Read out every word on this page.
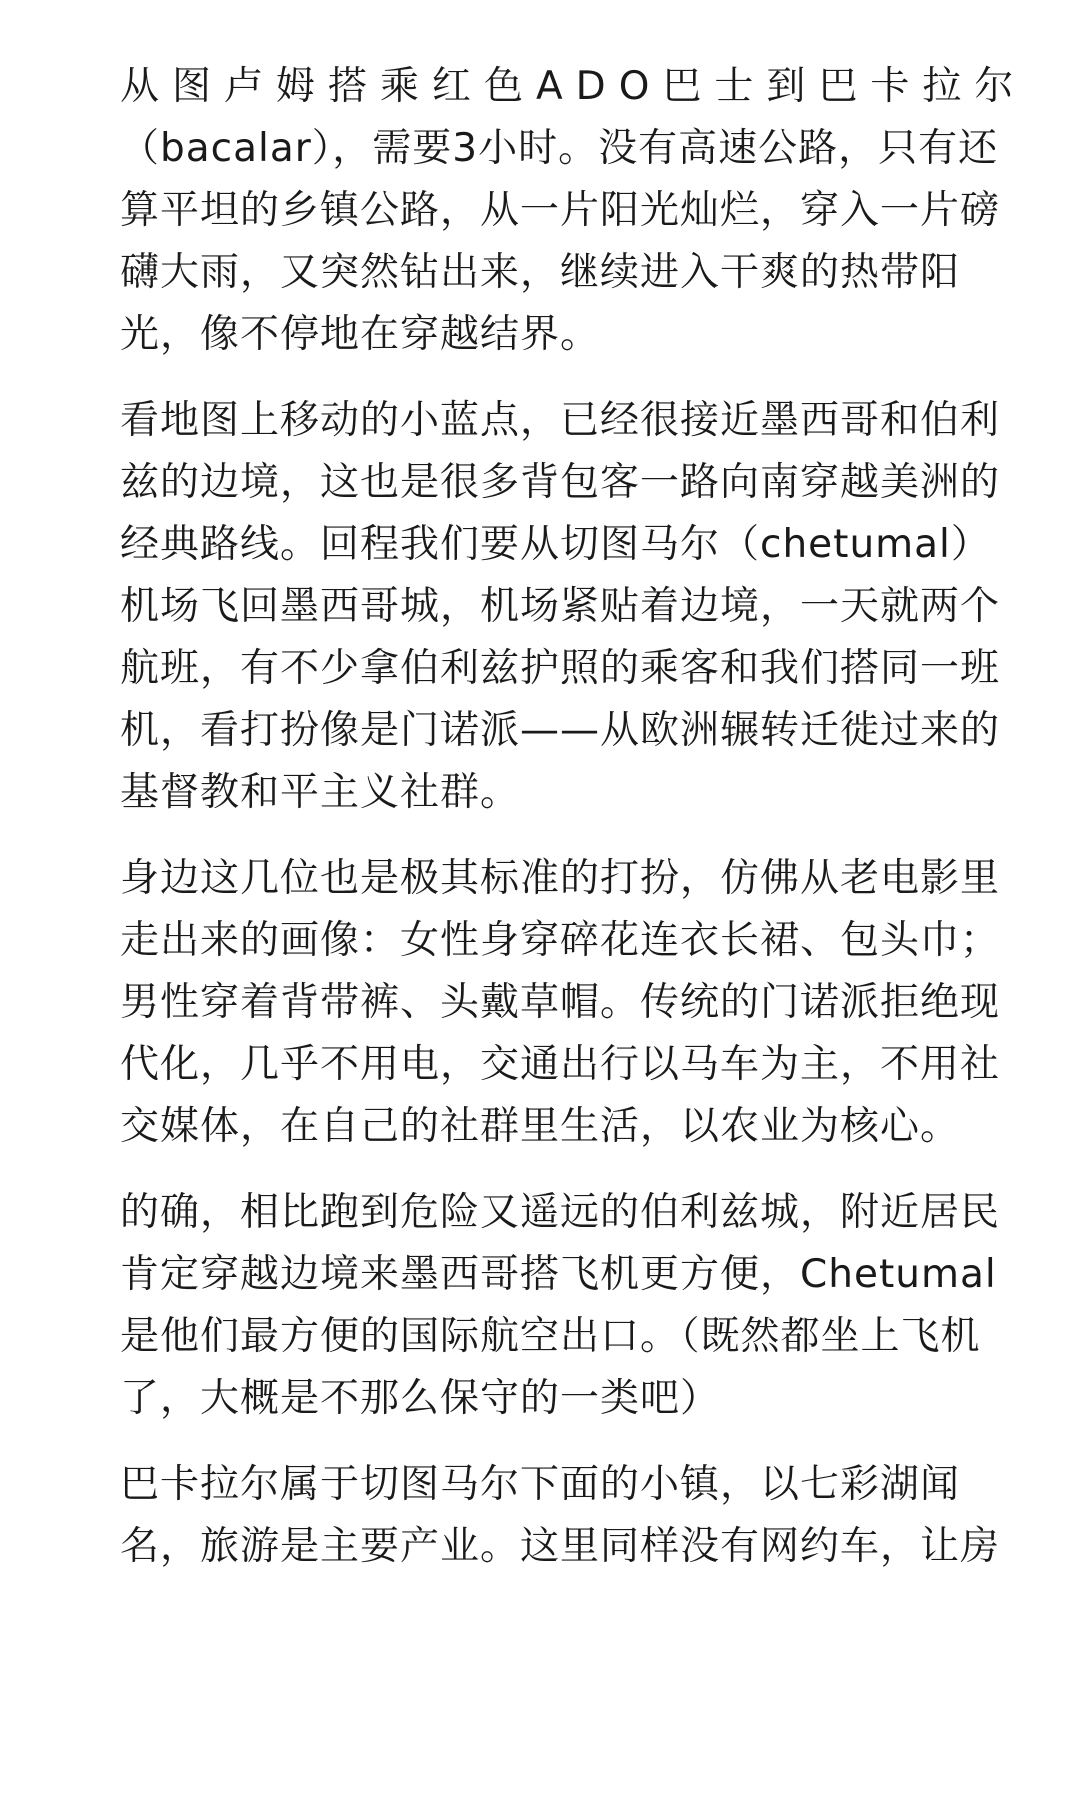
从图卢姆搭乘红色ADO巴士到巴卡拉尔
（bacalar），需要3小时。没有高速公路，只有还
算平坦的乡镇公路，从一片阳光灿烂，穿入一片磅
礴大雨，又突然钻出来，继续进入干爽的热带阳
光，像不停地在穿越结界。
看地图上移动的小蓝点，已经很接近墨西哥和伯利
兹的边境，这也是很多背包客一路向南穿越美洲的
经典路线。回程我们要从切图马尔（chetumal）
机场飞回墨西哥城，机场紧贴着边境，一天就两个
航班，有不少拿伯利兹护照的乘客和我们搭同一班
机，看打扮像是门诺派——从欧洲辗转迁徙过来的
基督教和平主义社群。
身边这几位也是极其标准的打扮，仿佛从老电影里
走出来的画像：女性身穿碎花连衣长裙、包头巾；
男性穿着背带裤、头戴草帽。传统的门诺派拒绝现
代化，几乎不用电，交通出行以马车为主，不用社
交媒体，在自己的社群里生活，以农业为核心。
的确，相比跑到危险又遥远的伯利兹城，附近居民
肯定穿越边境来墨西哥搭飞机更方便，Chetumal
是他们最方便的国际航空出口。（既然都坐上飞机
了，大概是不那么保守的一类吧）
巴卡拉尔属于切图马尔下面的小镇，以七彩湖闻
名，旅游是主要产业。这里同样没有网约车，让房
